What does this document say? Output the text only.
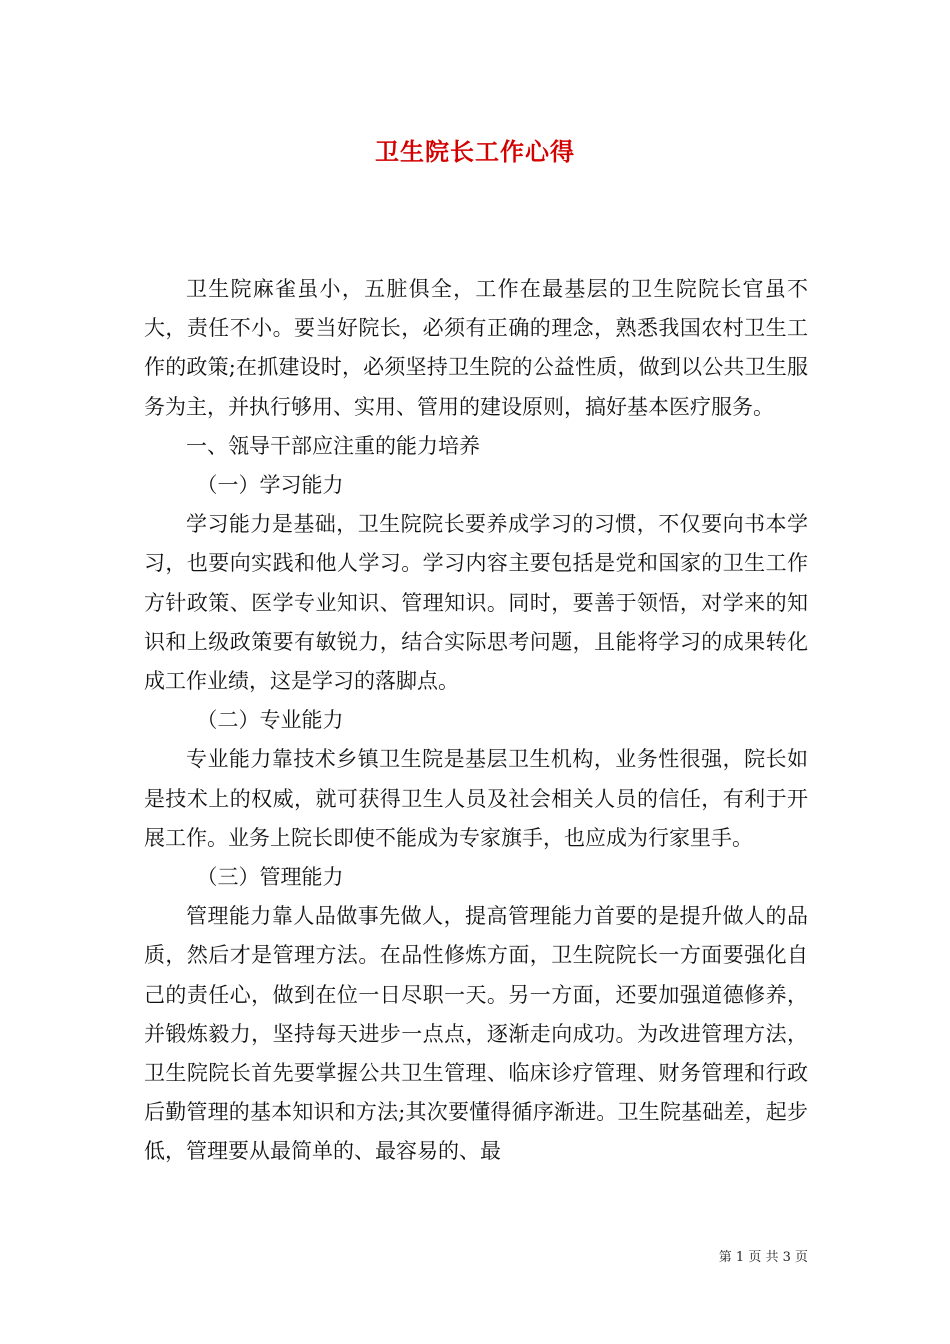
卫生院长工作心得

卫生院麻雀虽小，五脏俱全，工作在最基层的卫生院院长官虽不大，责任不小。要当好院长，必须有正确的理念，熟悉我国农村卫生工作的政策;在抓建设时，必须坚持卫生院的公益性质，做到以公共卫生服务为主，并执行够用、实用、管用的建设原则，搞好基本医疗服务。

一、瓴导干部应注重的能力培养

（一）学习能力

学习能力是基础，卫生院院长要养成学习的习惯，不仅要向书本学习，也要向实践和他人学习。学习内容主要包括是党和国家的卫生工作方针政策、医学专业知识、管理知识。同时，要善于领悟，对学来的知识和上级政策要有敏锐力，结合实际思考问题，且能将学习的成果转化成工作业绩，这是学习的落脚点。

（二）专业能力

专业能力靠技术乡镇卫生院是基层卫生机构，业务性很强，院长如是技术上的权威，就可获得卫生人员及社会相关人员的信任，有利于开展工作。业务上院长即使不能成为专家旗手，也应成为行家里手。

（三）管理能力

管理能力靠人品做事先做人，提高管理能力首要的是提升做人的品质，然后才是管理方法。在品性修炼方面，卫生院院长一方面要强化自己的责任心，做到在位一日尽职一天。另一方面，还要加强道德修养，并锻炼毅力，坚持每天进步一点点，逐渐走向成功。为改进管理方法，卫生院院长首先要掌握公共卫生管理、临床诊疗管理、财务管理和行政后勤管理的基本知识和方法;其次要懂得循序渐进。卫生院基础差，起步低，管理要从最简单的、最容易的、最

第 1 页 共 3 页
